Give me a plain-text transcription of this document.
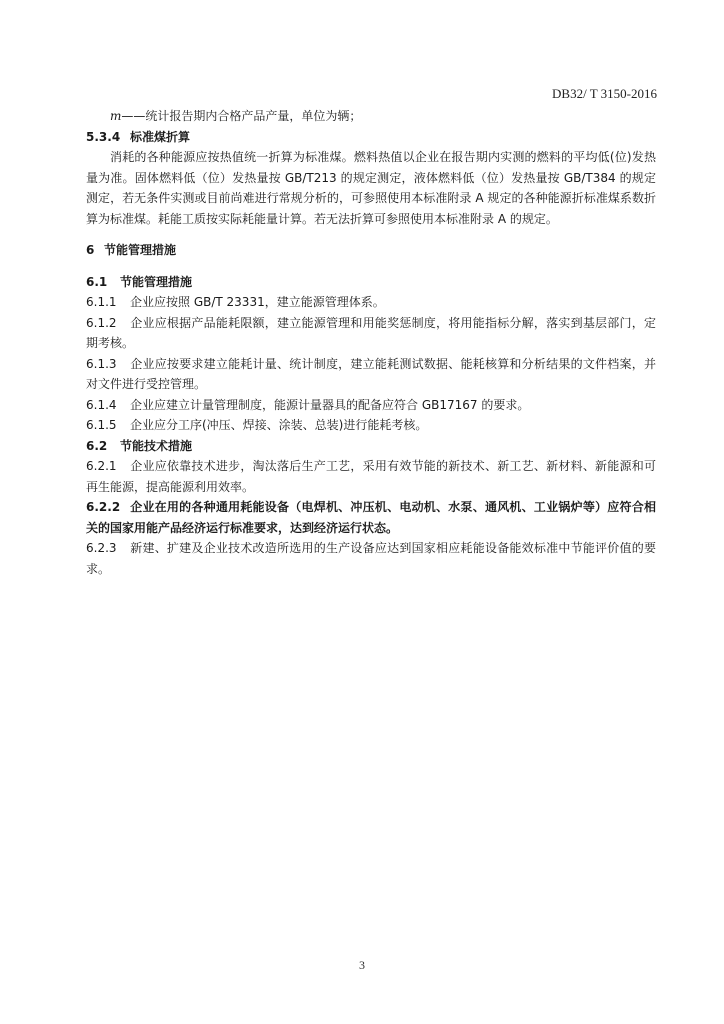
DB32/ T 3150-2016

m——统计报告期内合格产品产量，单位为辆；

5.3.4 标准煤折算

消耗的各种能源应按热值统一折算为标准煤。燃料热值以企业在报告期内实测的燃料的平均低(位)发热量为准。固体燃料低（位）发热量按 GB/T213 的规定测定，液体燃料低（位）发热量按 GB/T384 的规定测定，若无条件实测或目前尚难进行常规分析的，可参照使用本标准附录 A 规定的各种能源折标准煤系数折算为标准煤。耗能工质按实际耗能量计算。若无法折算可参照使用本标准附录 A 的规定。

6 节能管理措施

6.1 节能管理措施

6.1.1 企业应按照 GB/T 23331，建立能源管理体系。

6.1.2 企业应根据产品能耗限额，建立能源管理和用能奖惩制度，将用能指标分解，落实到基层部门，定期考核。

6.1.3 企业应按要求建立能耗计量、统计制度，建立能耗测试数据、能耗核算和分析结果的文件档案，并对文件进行受控管理。

6.1.4 企业应建立计量管理制度，能源计量器具的配备应符合 GB17167 的要求。

6.1.5 企业应分工序(冲压、焊接、涂装、总装)进行能耗考核。

6.2 节能技术措施

6.2.1 企业应依靠技术进步，淘汰落后生产工艺，采用有效节能的新技术、新工艺、新材料、新能源和可再生能源，提高能源利用效率。

6.2.2 企业在用的各种通用耗能设备（电焊机、冲压机、电动机、水泵、通风机、工业锅炉等）应符合相关的国家用能产品经济运行标准要求，达到经济运行状态。

6.2.3 新建、扩建及企业技术改造所选用的生产设备应达到国家相应耗能设备能效标准中节能评价值的要求。

3
